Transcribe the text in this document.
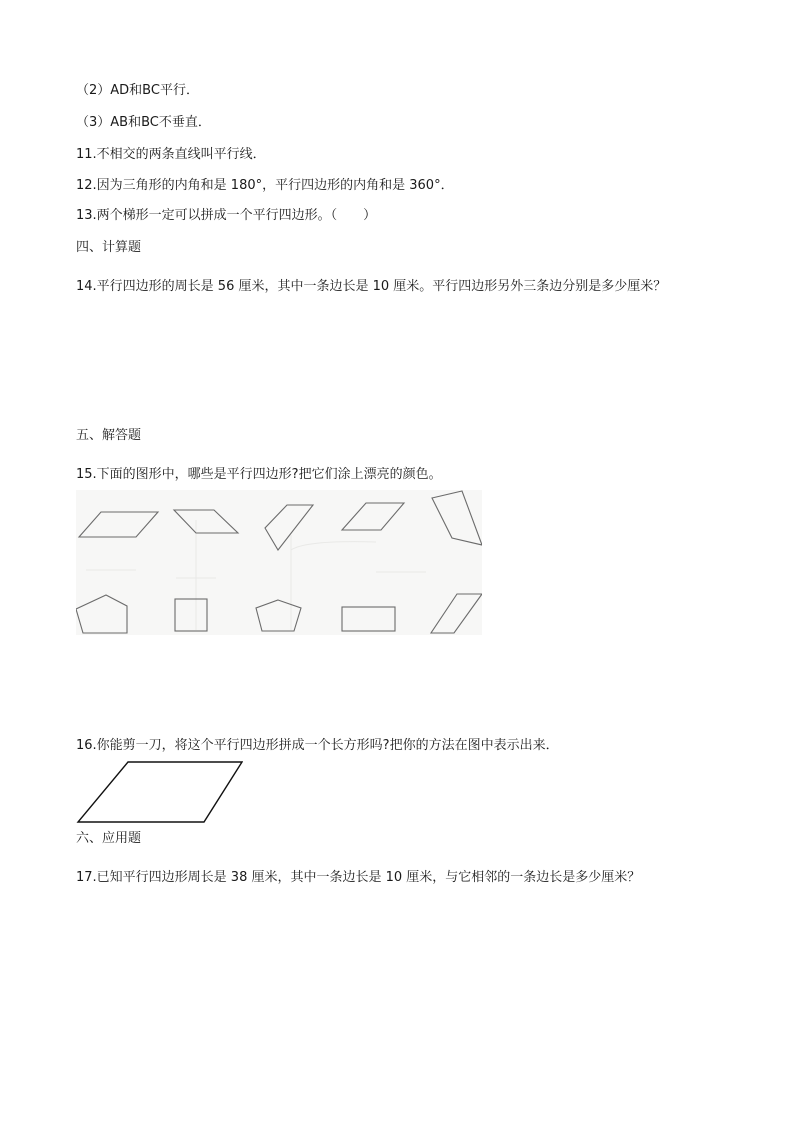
（2）AD和BC平行．
（3）AB和BC不垂直．
11.不相交的两条直线叫平行线．
12.因为三角形的内角和是 180°，平行四边形的内角和是 360°．
13.两个梯形一定可以拼成一个平行四边形。（　　）
四、计算题
14.平行四边形的周长是 56 厘米，其中一条边长是 10 厘米。平行四边形另外三条边分别是多少厘米？
五、解答题
15.下面的图形中，哪些是平行四边形?把它们涂上漂亮的颜色。
16.你能剪一刀，将这个平行四边形拼成一个长方形吗?把你的方法在图中表示出来．
六、应用题
17.已知平行四边形周长是 38 厘米，其中一条边长是 10 厘米，与它相邻的一条边长是多少厘米？
